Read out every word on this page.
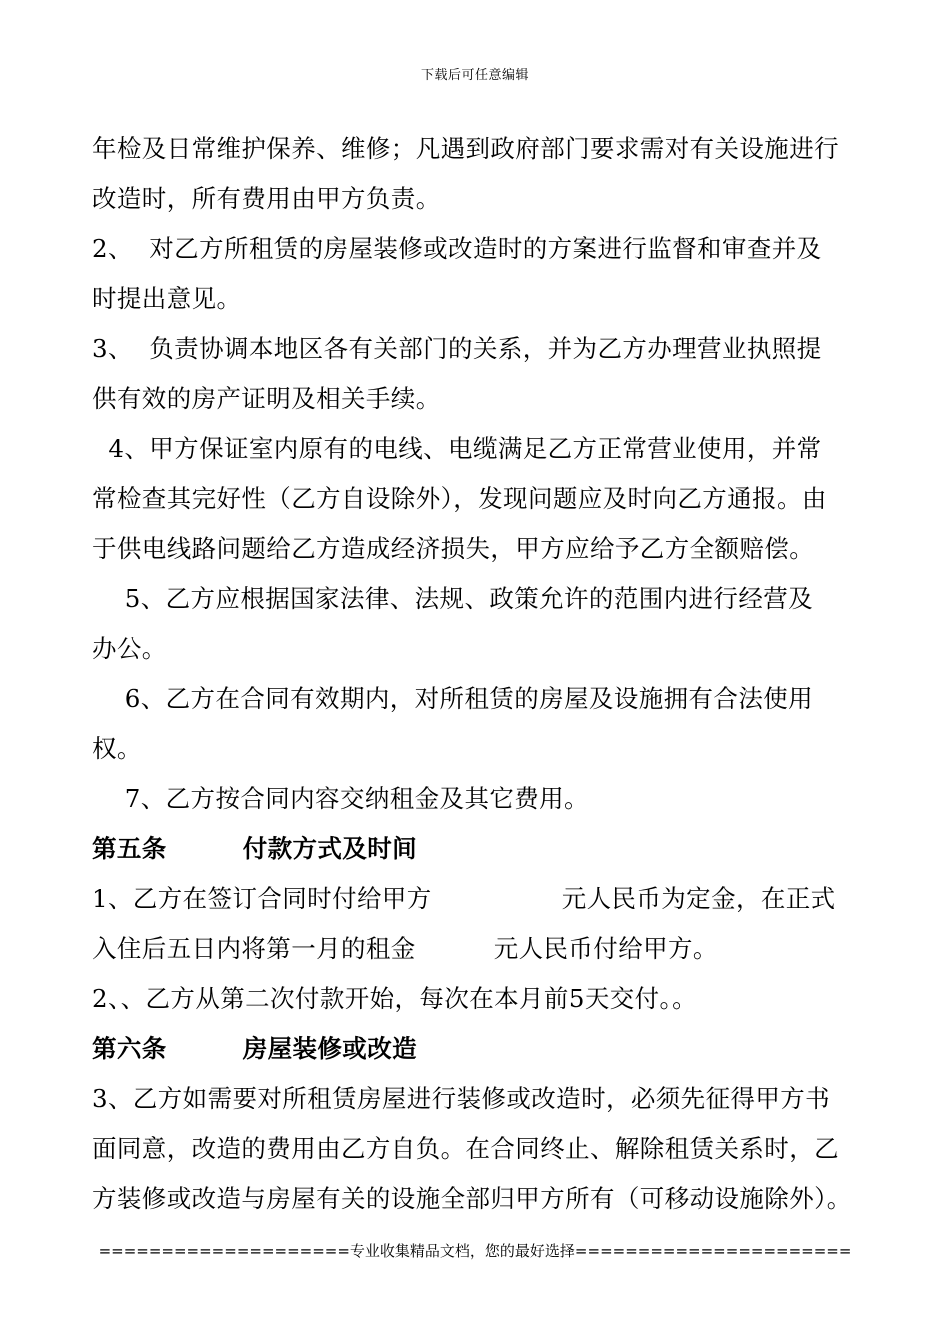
下载后可任意编辑
年检及日常维护保养、维修；凡遇到政府部门要求需对有关设施进行
改造时，所有费用由甲方负责。
2、  对乙方所租赁的房屋装修或改造时的方案进行监督和审查并及
时提出意见。
3、  负责协调本地区各有关部门的关系，并为乙方办理营业执照提
供有效的房产证明及相关手续。
4、甲方保证室内原有的电线、电缆满足乙方正常营业使用，并常
常检查其完好性（乙方自设除外），发现问题应及时向乙方通报。由
于供电线路问题给乙方造成经济损失，甲方应给予乙方全额赔偿。
5、乙方应根据国家法律、法规、政策允许的范围内进行经营及
办公。
6、乙方在合同有效期内，对所租赁的房屋及设施拥有合法使用
权。
7、乙方按合同内容交纳租金及其它费用。
第五条	付款方式及时间
1、乙方在签订合同时付给甲方	元人民币为定金，在正式
入住后五日内将第一月的租金	元人民币付给甲方。
2、、乙方从第二次付款开始，每次在本月前5天交付。。
第六条	房屋装修或改造
3、乙方如需要对所租赁房屋进行装修或改造时，必须先征得甲方书
面同意，改造的费用由乙方自负。在合同终止、解除租赁关系时，乙
方装修或改造与房屋有关的设施全部归甲方所有（可移动设施除外）。
====================专业收集精品文档，您的最好选择======================
